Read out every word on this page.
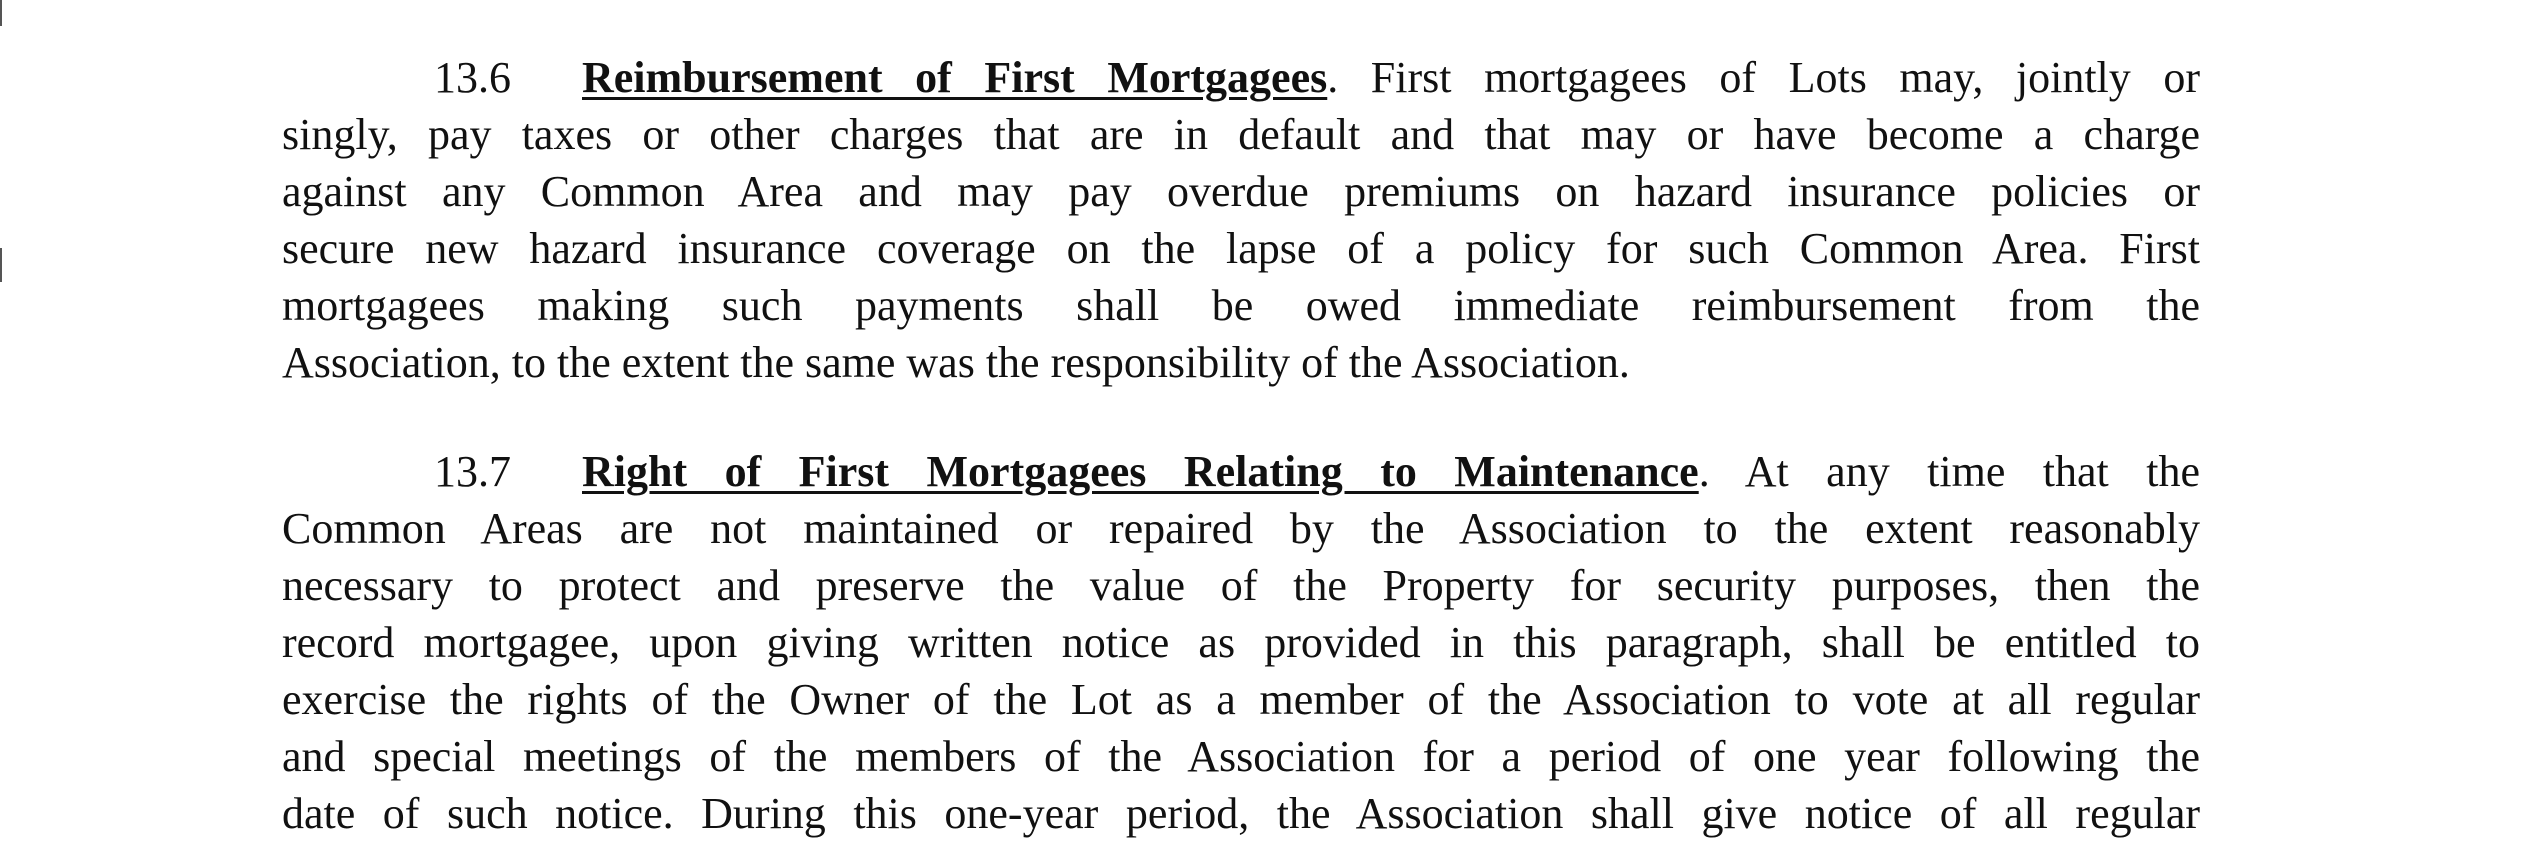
13.6 Reimbursement of First Mortgagees. First mortgagees of Lots may, jointly or
singly, pay taxes or other charges that are in default and that may or have become a charge
against any Common Area and may pay overdue premiums on hazard insurance policies or
secure new hazard insurance coverage on the lapse of a policy for such Common Area. First
mortgagees making such payments shall be owed immediate reimbursement from the
Association, to the extent the same was the responsibility of the Association.
13.7 Right of First Mortgagees Relating to Maintenance. At any time that the
Common Areas are not maintained or repaired by the Association to the extent reasonably
necessary to protect and preserve the value of the Property for security purposes, then the
record mortgagee, upon giving written notice as provided in this paragraph, shall be entitled to
exercise the rights of the Owner of the Lot as a member of the Association to vote at all regular
and special meetings of the members of the Association for a period of one year following the
date of such notice. During this one-year period, the Association shall give notice of all regular
